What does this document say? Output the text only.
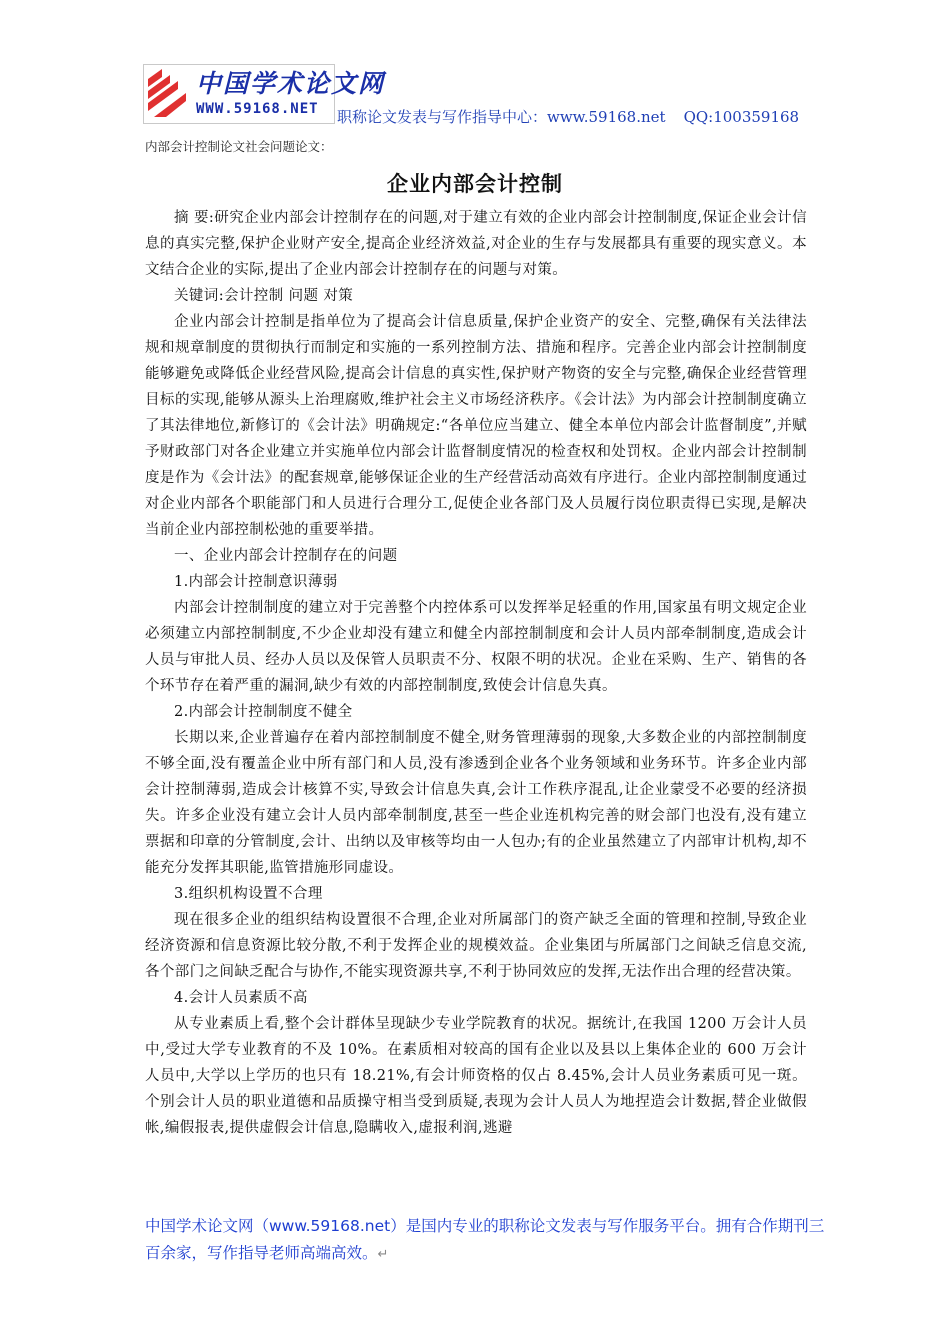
中国学术论文网
WWW.59168.NET 职称论文发表与写作指导中心：www.59168.net QQ:100359168
内部会计控制论文社会问题论文：
企业内部会计控制

摘 要:研究企业内部会计控制存在的问题,对于建立有效的企业内部会计控制制度,保证企业会计信息的真实完整,保护企业财产安全,提高企业经济效益,对企业的生存与发展都具有重要的现实意义。本文结合企业的实际,提出了企业内部会计控制存在的问题与对策。

关键词:会计控制 问题 对策

企业内部会计控制是指单位为了提高会计信息质量,保护企业资产的安全、完整,确保有关法律法规和规章制度的贯彻执行而制定和实施的一系列控制方法、措施和程序。完善企业内部会计控制制度能够避免或降低企业经营风险,提高会计信息的真实性,保护财产物资的安全与完整,确保企业经营管理目标的实现,能够从源头上治理腐败,维护社会主义市场经济秩序。《会计法》为内部会计控制制度确立了其法律地位,新修订的《会计法》明确规定:“各单位应当建立、健全本单位内部会计监督制度”,并赋予财政部门对各企业建立并实施单位内部会计监督制度情况的检查权和处罚权。企业内部会计控制制度是作为《会计法》的配套规章,能够保证企业的生产经营活动高效有序进行。企业内部控制制度通过对企业内部各个职能部门和人员进行合理分工,促使企业各部门及人员履行岗位职责得已实现,是解决当前企业内部控制松弛的重要举措。

一、企业内部会计控制存在的问题

1.内部会计控制意识薄弱

内部会计控制制度的建立对于完善整个内控体系可以发挥举足轻重的作用,国家虽有明文规定企业必须建立内部控制制度,不少企业却没有建立和健全内部控制制度和会计人员内部牵制制度,造成会计人员与审批人员、经办人员以及保管人员职责不分、权限不明的状况。企业在采购、生产、销售的各个环节存在着严重的漏洞,缺少有效的内部控制制度,致使会计信息失真。

2.内部会计控制制度不健全

长期以来,企业普遍存在着内部控制制度不健全,财务管理薄弱的现象,大多数企业的内部控制制度不够全面,没有覆盖企业中所有部门和人员,没有渗透到企业各个业务领域和业务环节。许多企业内部会计控制薄弱,造成会计核算不实,导致会计信息失真,会计工作秩序混乱,让企业蒙受不必要的经济损失。许多企业没有建立会计人员内部牵制制度,甚至一些企业连机构完善的财会部门也没有,没有建立票据和印章的分管制度,会计、出纳以及审核等均由一人包办;有的企业虽然建立了内部审计机构,却不能充分发挥其职能,监管措施形同虚设。

3.组织机构设置不合理

现在很多企业的组织结构设置很不合理,企业对所属部门的资产缺乏全面的管理和控制,导致企业经济资源和信息资源比较分散,不利于发挥企业的规模效益。企业集团与所属部门之间缺乏信息交流,各个部门之间缺乏配合与协作,不能实现资源共享,不利于协同效应的发挥,无法作出合理的经营决策。

4.会计人员素质不高

从专业素质上看,整个会计群体呈现缺少专业学院教育的状况。据统计,在我国 1200 万会计人员中,受过大学专业教育的不及 10%。在素质相对较高的国有企业以及县以上集体企业的 600 万会计人员中,大学以上学历的也只有 18.21%,有会计师资格的仅占 8.45%,会计人员业务素质可见一斑。个别会计人员的职业道德和品质操守相当受到质疑,表现为会计人员人为地捏造会计数据,替企业做假帐,编假报表,提供虚假会计信息,隐瞒收入,虚报利润,逃避

中国学术论文网（www.59168.net）是国内专业的职称论文发表与写作服务平台。拥有合作期刊三百余家，写作指导老师高端高效。↵
